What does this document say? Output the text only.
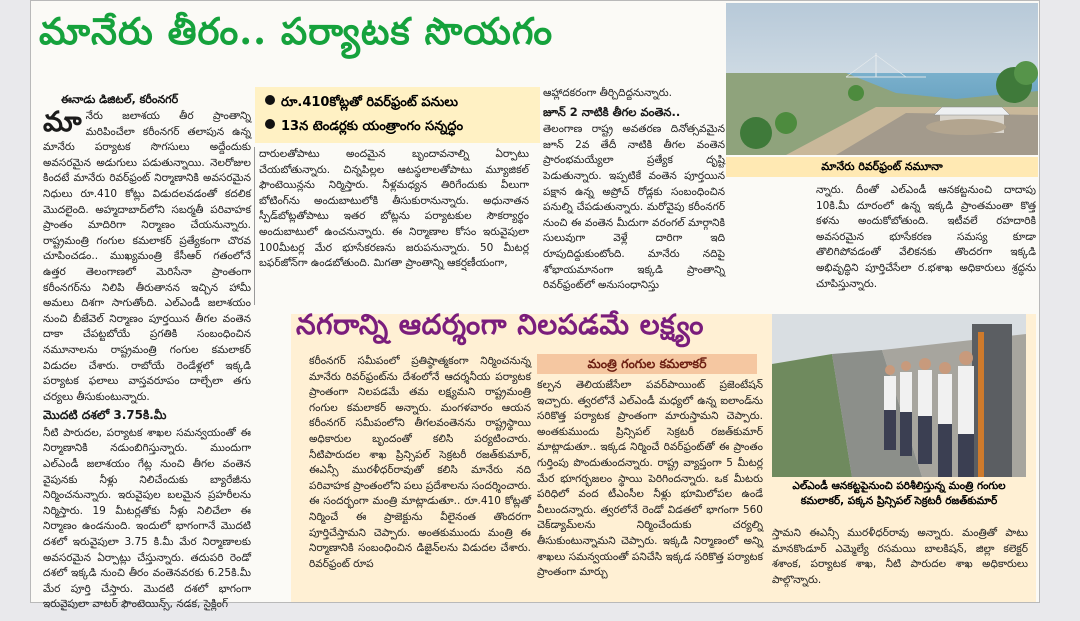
మానేరు తీరం.. పర్యాటక సొయగం
ఈనాడు డిజిటల్, కరీంనగర్
మా నేరు జలాశయ తీర ప్రాంతాన్ని మరిపించేలా కరీంనగర్ తలాపున ఉన్న మానేరు పర్యాటక సొగసులు అద్దేందుకు అవసరమైన అడుగులు పడుతున్నాయి. నెలరోజుల కిందటే మానేరు రివర్‌ఫ్రంట్ నిర్మాణానికి అవసరమైన నిధులు రూ.410 కోట్లు విడుదలవడంతో కదలిక మొదలైంది. అహ్మదాబాద్‌లోని సబర్మతీ పరివాహక ప్రాంతం మాదిరిగా నిర్మాణం చేయనున్నారు. రాష్ట్రమంత్రి గంగుల కమలాకర్ ప్రత్యేకంగా చొరవ చూపించడం.. ముఖ్యమంత్రి కేసీఆర్ గతంలోనే ఉత్తర తెలంగాణలో మెరిసేనా ప్రాంతంగా కరీంనగర్‌ను నిలిపి తీరుతానన ఇచ్చిన హామీ అమలు దిశగా సాగుతోంది. ఎల్ఎండీ జలాశయం నుంచి బీజేవెల్ నిర్మాణం పూర్తయిన తీగల వంతెన దాకా చేపట్టబోయే ప్రగతికి సంబంధించిన నమూనాలను రాష్ట్రమంత్రి గంగుల కమలాకర్ విడుదల చేశారు. రాబోయే రెండేళ్లలో ఇక్కడి పర్యాటక ఫలాలు వాస్తవరూపం దాల్చేలా తగు చర్యలు తీసుకుంటున్నారు.

మొదటి దశలో 3.75కి.మీ

నీటి పారుదల, పర్యాటక శాఖల సమన్వయంతో ఈ నిర్మాణానికి నడుంబిగిస్తున్నారు. ముందుగా ఎల్ఎండీ జలాశయం గేట్ల నుంచి తీగల వంతెన వైపునకు నీళ్లు నిలిచేందుకు బ్యారేజీను నిర్మించనున్నారు. ఇరువైపుల బలమైన ప్రహరీలను నిర్మిస్తారు. 19 మీటర్లతోకు నీళ్లు నిలిచేలా ఈ నిర్మాణం ఉండనుంది. ఇందులో భాగంగానే మొదటి దశలో ఇరువైపులా 3.75 కి.మీ మేర నిర్మాణాలకు అవసరమైన ఏర్పాట్లు చేస్తున్నారు. తదుపరి రెండో దశలో ఇక్కడి నుంచి తీరం వంతెనవరకు 6.25కి.మీ మేర పూర్తి చేస్తారు. మొదటి దశలో భాగంగా ఇరువైపులా వాటర్ ఫౌంటెయిన్స్, నడక, సైక్లింగ్

రూ.410కోట్లతో రివర్‌ఫ్రంట్ పనులు
13న టెండర్లకు యంత్రాంగం సన్నద్ధం

దారులతోపాటు అందమైన బృందావనాల్ని ఏర్పాటు చేయబోతున్నారు. చిన్నపిల్లల ఆటస్థలాలతోపాటు మ్యూజికల్ ఫౌంటెయిన్లను నిర్మిస్తారు. నీళ్లమధ్యన తిరిగేందుకు వీలుగా బోటింగ్‌ను అందుబాటులోకి తీసుకురానున్నారు. అధునాతన స్పీడ్‌బోట్లతోపాటు ఇతర బోట్లను పర్యాటకుల సౌకర్యార్థం అందుబాటులో ఉంచనున్నారు. ఈ నిర్మాణాల కోసం ఇరువైపులా 100మీటర్ల మేర భూసేకరణను జరుపనున్నారు. 50 మీటర్ల బఫర్‌జోన్‌గా ఉండబోతుంది. మిగతా ప్రాంతాన్ని ఆకర్షణీయంగా,

ఆహ్లాదకరంగా తీర్చిదిద్దనున్నారు.

జూన్ 2 నాటికి తీగల వంతెన..

తెలంగాణ రాష్ట్ర అవతరణ దినోత్సవమైన జూన్ 2వ తేదీ నాటికి తీగల వంతెన ప్రారంభమయ్యేలా ప్రత్యేక దృష్టి పెడుతున్నారు. ఇప్పటికే వంతెన పూర్తయిన పక్షాన ఉన్న అప్రోచ్ రోడ్లకు సంబంధించిన పనుల్ని చేపడుతున్నారు. మరోవైపు కరీంనగర్ నుంచి ఈ వంతెన మీదుగా వరంగల్ మార్గానికి సులువుగా వెళ్లే దారిగా ఇది రూపుదిద్దుకుంటోంది. మానేరు నదిపై శోభాయమానంగా ఇక్కడి ప్రాంతాన్ని రివర్‌ఫ్రంట్‌లో అనుసంధానిస్తు

మానేరు రివర్‌ఫ్రంట్ నమూనా

న్నారు. దీంతో ఎల్ఎండీ ఆనకట్టనుంచి దాదాపు 10కి.మీ దూరంలో ఉన్న ఇక్కడి ప్రాంతమంతా కొత్త కళను అందుకోబోతుంది. ఇటీవలే రహదారికి అవసరమైన భూసేకరణ సమస్య కూడా తొలిగిపోవడంతో వేలికనకు తొందరగా ఇక్కడి అభివృద్ధిని పూర్తిచేసేలా ర.భశాఖ అధికారులు శ్రద్ధను చూపిస్తున్నారు.

నగరాన్ని ఆదర్శంగా నిలపడమే లక్ష్యం
మంత్రి గంగుల కమలాకర్

కరీంనగర్ సమీపంలో ప్రతిష్ఠాత్మకంగా నిర్మించనున్న మానేరు రివర్‌ఫ్రంట్‌ను దేశంలోనే ఆదర్శనీయ పర్యాటక ప్రాంతంగా నిలపడమే తమ లక్ష్యమని రాష్ట్రమంత్రి గంగుల కమలాకర్ అన్నారు. మంగళవారం ఆయన కరీంనగర్ సమీపంలోని తీగలవంతెనను రాష్ట్రస్థాయి అధికారుల బృందంతో కలిసి పర్యటించారు. నీటిపారుదల శాఖ ప్రిన్సిపల్ సెక్రటరీ రజత్‌కుమార్, ఈఎన్సీ మురళీధర్‌రావుతో కలిసి మానేరు నది పరివాహక ప్రాంతంలోని పలు ప్రదేశాలను సందర్శించారు. ఈ సందర్భంగా మంత్రి మాట్లాడుతూ.. రూ.410 కోట్లతో నిర్మించే ఈ ప్రాజెక్టును వీలైనంత తొందరగా పూర్తిచేస్తామని చెప్పారు. అంతకుముందు మంత్రి ఈ నిర్మాణానికి సంబంధించిన డిజైన్‌లను విడుదల చేశారు. రివర్‌ఫ్రంట్ రూప

కల్పన తెలియజేసేలా పవర్‌పాయింట్ ప్రజెంటేషన్ ఇచ్చారు. త్వరలోనే ఎల్ఎండీ మధ్యలో ఉన్న ఐలాండ్‌ను సరికొత్త పర్యాటక ప్రాంతంగా మారుస్తామని చెప్పారు. అంతకుముందు ప్రిన్సిపల్ సెక్రటరీ రజత్‌కుమార్ మాట్లాడుతూ.. ఇక్కడ నిర్మించే రివర్‌ఫ్రంట్‌తో ఈ ప్రాంతం గుర్తింపు పొందుతుందన్నారు. రాష్ట్ర వ్యాప్తంగా 5 మీటర్ల మేర భూగర్భజలం స్థాయి పెరిగిందన్నారు. ఒక మీటరు పరిధిలో వంద టీఎంసీల నీళ్లు భూమిలోపల ఉండే వీలుందన్నారు. త్వరలోనే రెండో విడతలో భాగంగా 560 చెక్‌డ్యామ్‌లను నిర్మించేందుకు చర్యల్ని తీసుకుంటున్నామని చెప్పారు. ఇక్కడి నిర్మాణంలో అన్ని శాఖలు సమన్వయంతో పనిచేసి ఇక్కడ సరికొత్త పర్యాటక ప్రాంతంగా మార్చు

ఎల్ఎండీ ఆనకట్టపైనుంచి పరిశీలిస్తున్న మంత్రి గంగుల కమలాకర్, పక్కన ప్రిన్సిపల్ సెక్రటరీ రజత్‌కుమార్

స్తామని ఈఎన్సీ మురళీధర్‌రావు అన్నారు. మంత్రితో పాటు మానకొండూర్ ఎమ్మెల్యే రసమయి బాలకిషన్, జిల్లా కలెక్టర్ శశాంక, పర్యాటక శాఖ, నీటి పారుదల శాఖ అధికారులు పాల్గొన్నారు.
